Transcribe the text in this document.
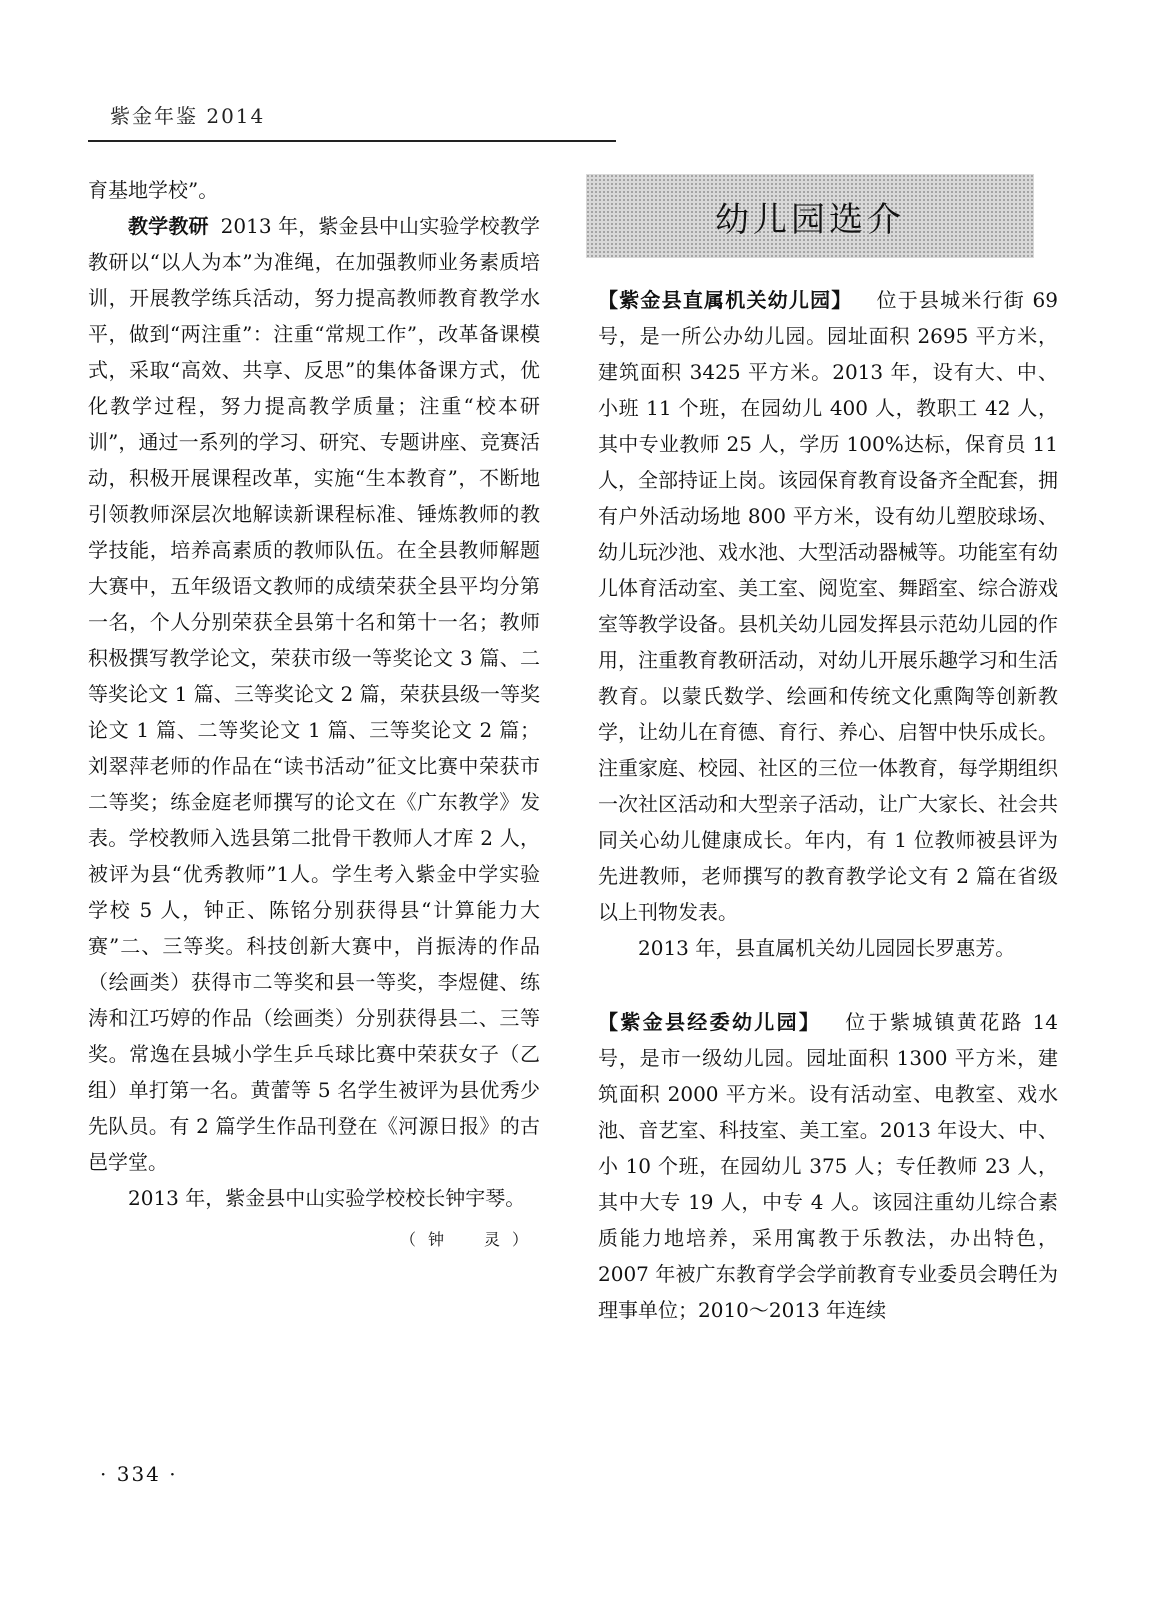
紫金年鉴 2014

育基地学校”。

教学教研 2013 年，紫金县中山实验学校教学教研以“以人为本”为准绳，在加强教师业务素质培训，开展教学练兵活动，努力提高教师教育教学水平，做到“两注重”：注重“常规工作”，改革备课模式，采取“高效、共享、反思”的集体备课方式，优化教学过程，努力提高教学质量；注重“校本研训”，通过一系列的学习、研究、专题讲座、竞赛活动，积极开展课程改革，实施“生本教育”，不断地引领教师深层次地解读新课程标准、锤炼教师的教学技能，培养高素质的教师队伍。在全县教师解题大赛中，五年级语文教师的成绩荣获全县平均分第一名，个人分别荣获全县第十名和第十一名；教师积极撰写教学论文，荣获市级一等奖论文 3 篇、二等奖论文 1 篇、三等奖论文 2 篇，荣获县级一等奖论文 1 篇、二等奖论文 1 篇、三等奖论文 2 篇；刘翠萍老师的作品在“读书活动”征文比赛中荣获市二等奖；练金庭老师撰写的论文在《广东教学》发表。学校教师入选县第二批骨干教师人才库 2 人，被评为县“优秀教师”1人。学生考入紫金中学实验学校 5 人，钟正、陈铭分别获得县“计算能力大赛”二、三等奖。科技创新大赛中，肖振涛的作品（绘画类）获得市二等奖和县一等奖，李煜健、练涛和江巧婷的作品（绘画类）分别获得县二、三等奖。常逸在县城小学生乒乓球比赛中荣获女子（乙组）单打第一名。黄蕾等 5 名学生被评为县优秀少先队员。有 2 篇学生作品刊登在《河源日报》的古邑学堂。

2013 年，紫金县中山实验学校校长钟宇琴。

（钟　灵）

幼儿园选介

【紫金县直属机关幼儿园】 位于县城米行街 69 号，是一所公办幼儿园。园址面积 2695 平方米，建筑面积 3425 平方米。2013 年，设有大、中、小班 11 个班，在园幼儿 400 人，教职工 42 人，其中专业教师 25 人，学历 100%达标，保育员 11 人，全部持证上岗。该园保育教育设备齐全配套，拥有户外活动场地 800 平方米，设有幼儿塑胶球场、幼儿玩沙池、戏水池、大型活动器械等。功能室有幼儿体育活动室、美工室、阅览室、舞蹈室、综合游戏室等教学设备。县机关幼儿园发挥县示范幼儿园的作用，注重教育教研活动，对幼儿开展乐趣学习和生活教育。以蒙氏数学、绘画和传统文化熏陶等创新教学，让幼儿在育德、育行、养心、启智中快乐成长。注重家庭、校园、社区的三位一体教育，每学期组织一次社区活动和大型亲子活动，让广大家长、社会共同关心幼儿健康成长。年内，有 1 位教师被县评为先进教师，老师撰写的教育教学论文有 2 篇在省级以上刊物发表。

2013 年，县直属机关幼儿园园长罗惠芳。

【紫金县经委幼儿园】 位于紫城镇黄花路 14 号，是市一级幼儿园。园址面积 1300 平方米，建筑面积 2000 平方米。设有活动室、电教室、戏水池、音艺室、科技室、美工室。2013 年设大、中、小 10 个班，在园幼儿 375 人；专任教师 23 人，其中大专 19 人，中专 4 人。该园注重幼儿综合素质能力地培养，采用寓教于乐教法，办出特色，2007 年被广东教育学会学前教育专业委员会聘任为理事单位；2010～2013 年连续

· 334 ·
